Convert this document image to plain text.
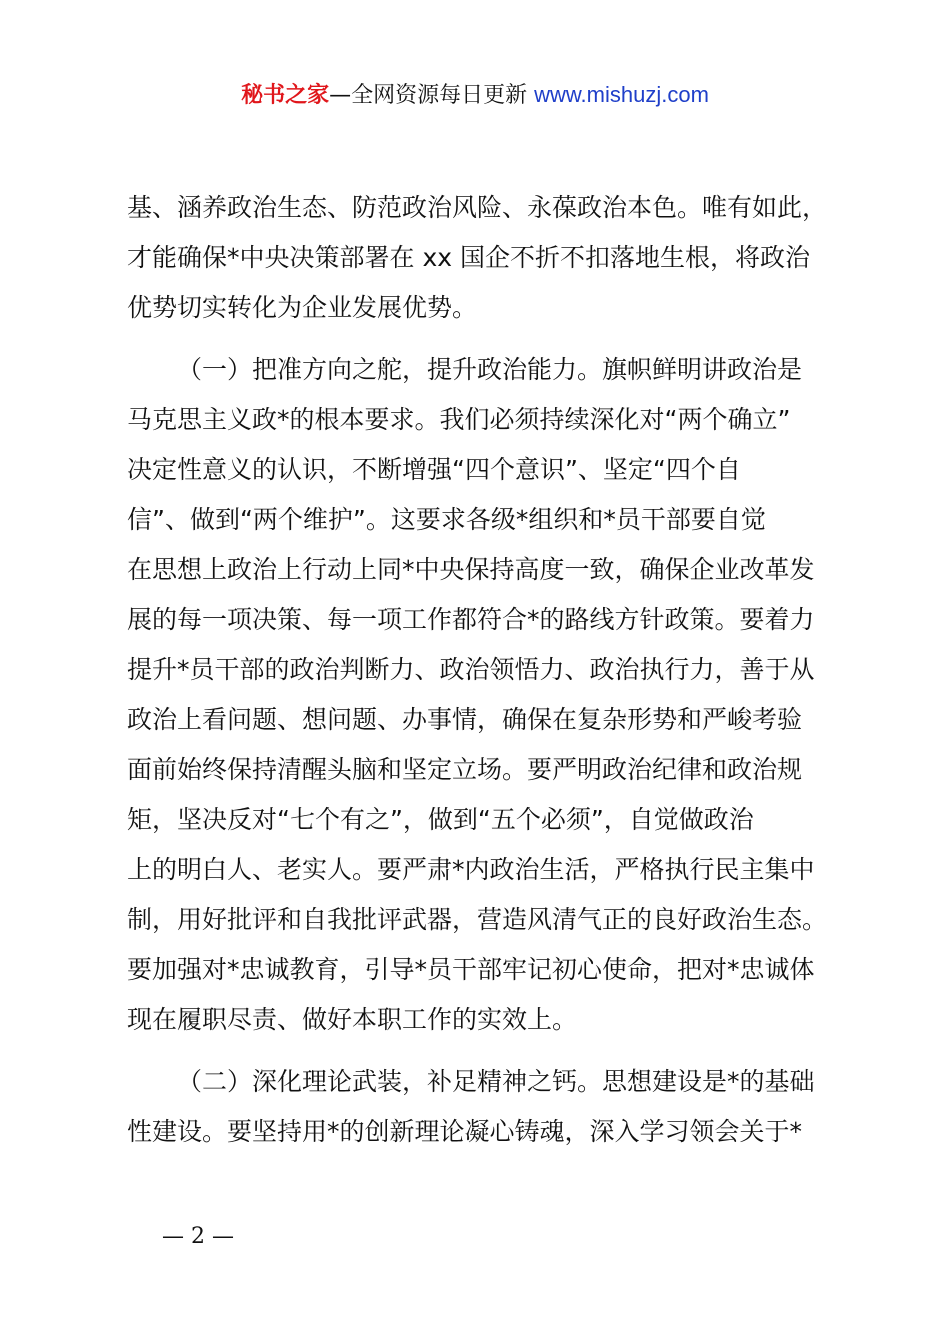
秘书之家—全网资源每日更新 www.mishuzj.com
基、涵养政治生态、防范政治风险、永葆政治本色。唯有如此，
才能确保*中央决策部署在 xx 国企不折不扣落地生根，将政治
优势切实转化为企业发展优势。
（一）把准方向之舵，提升政治能力。旗帜鲜明讲政治是
马克思主义政*的根本要求。我们必须持续深化对“两个确立”
决定性意义的认识，不断增强“四个意识”、坚定“四个自
信”、做到“两个维护”。这要求各级*组织和*员干部要自觉
在思想上政治上行动上同*中央保持高度一致，确保企业改革发
展的每一项决策、每一项工作都符合*的路线方针政策。要着力
提升*员干部的政治判断力、政治领悟力、政治执行力，善于从
政治上看问题、想问题、办事情，确保在复杂形势和严峻考验
面前始终保持清醒头脑和坚定立场。要严明政治纪律和政治规
矩，坚决反对“七个有之”，做到“五个必须”，自觉做政治
上的明白人、老实人。要严肃*内政治生活，严格执行民主集中
制，用好批评和自我批评武器，营造风清气正的良好政治生态。
要加强对*忠诚教育，引导*员干部牢记初心使命，把对*忠诚体
现在履职尽责、做好本职工作的实效上。
（二）深化理论武装，补足精神之钙。思想建设是*的基础
性建设。要坚持用*的创新理论凝心铸魂，深入学习领会关于*
— 2 —
